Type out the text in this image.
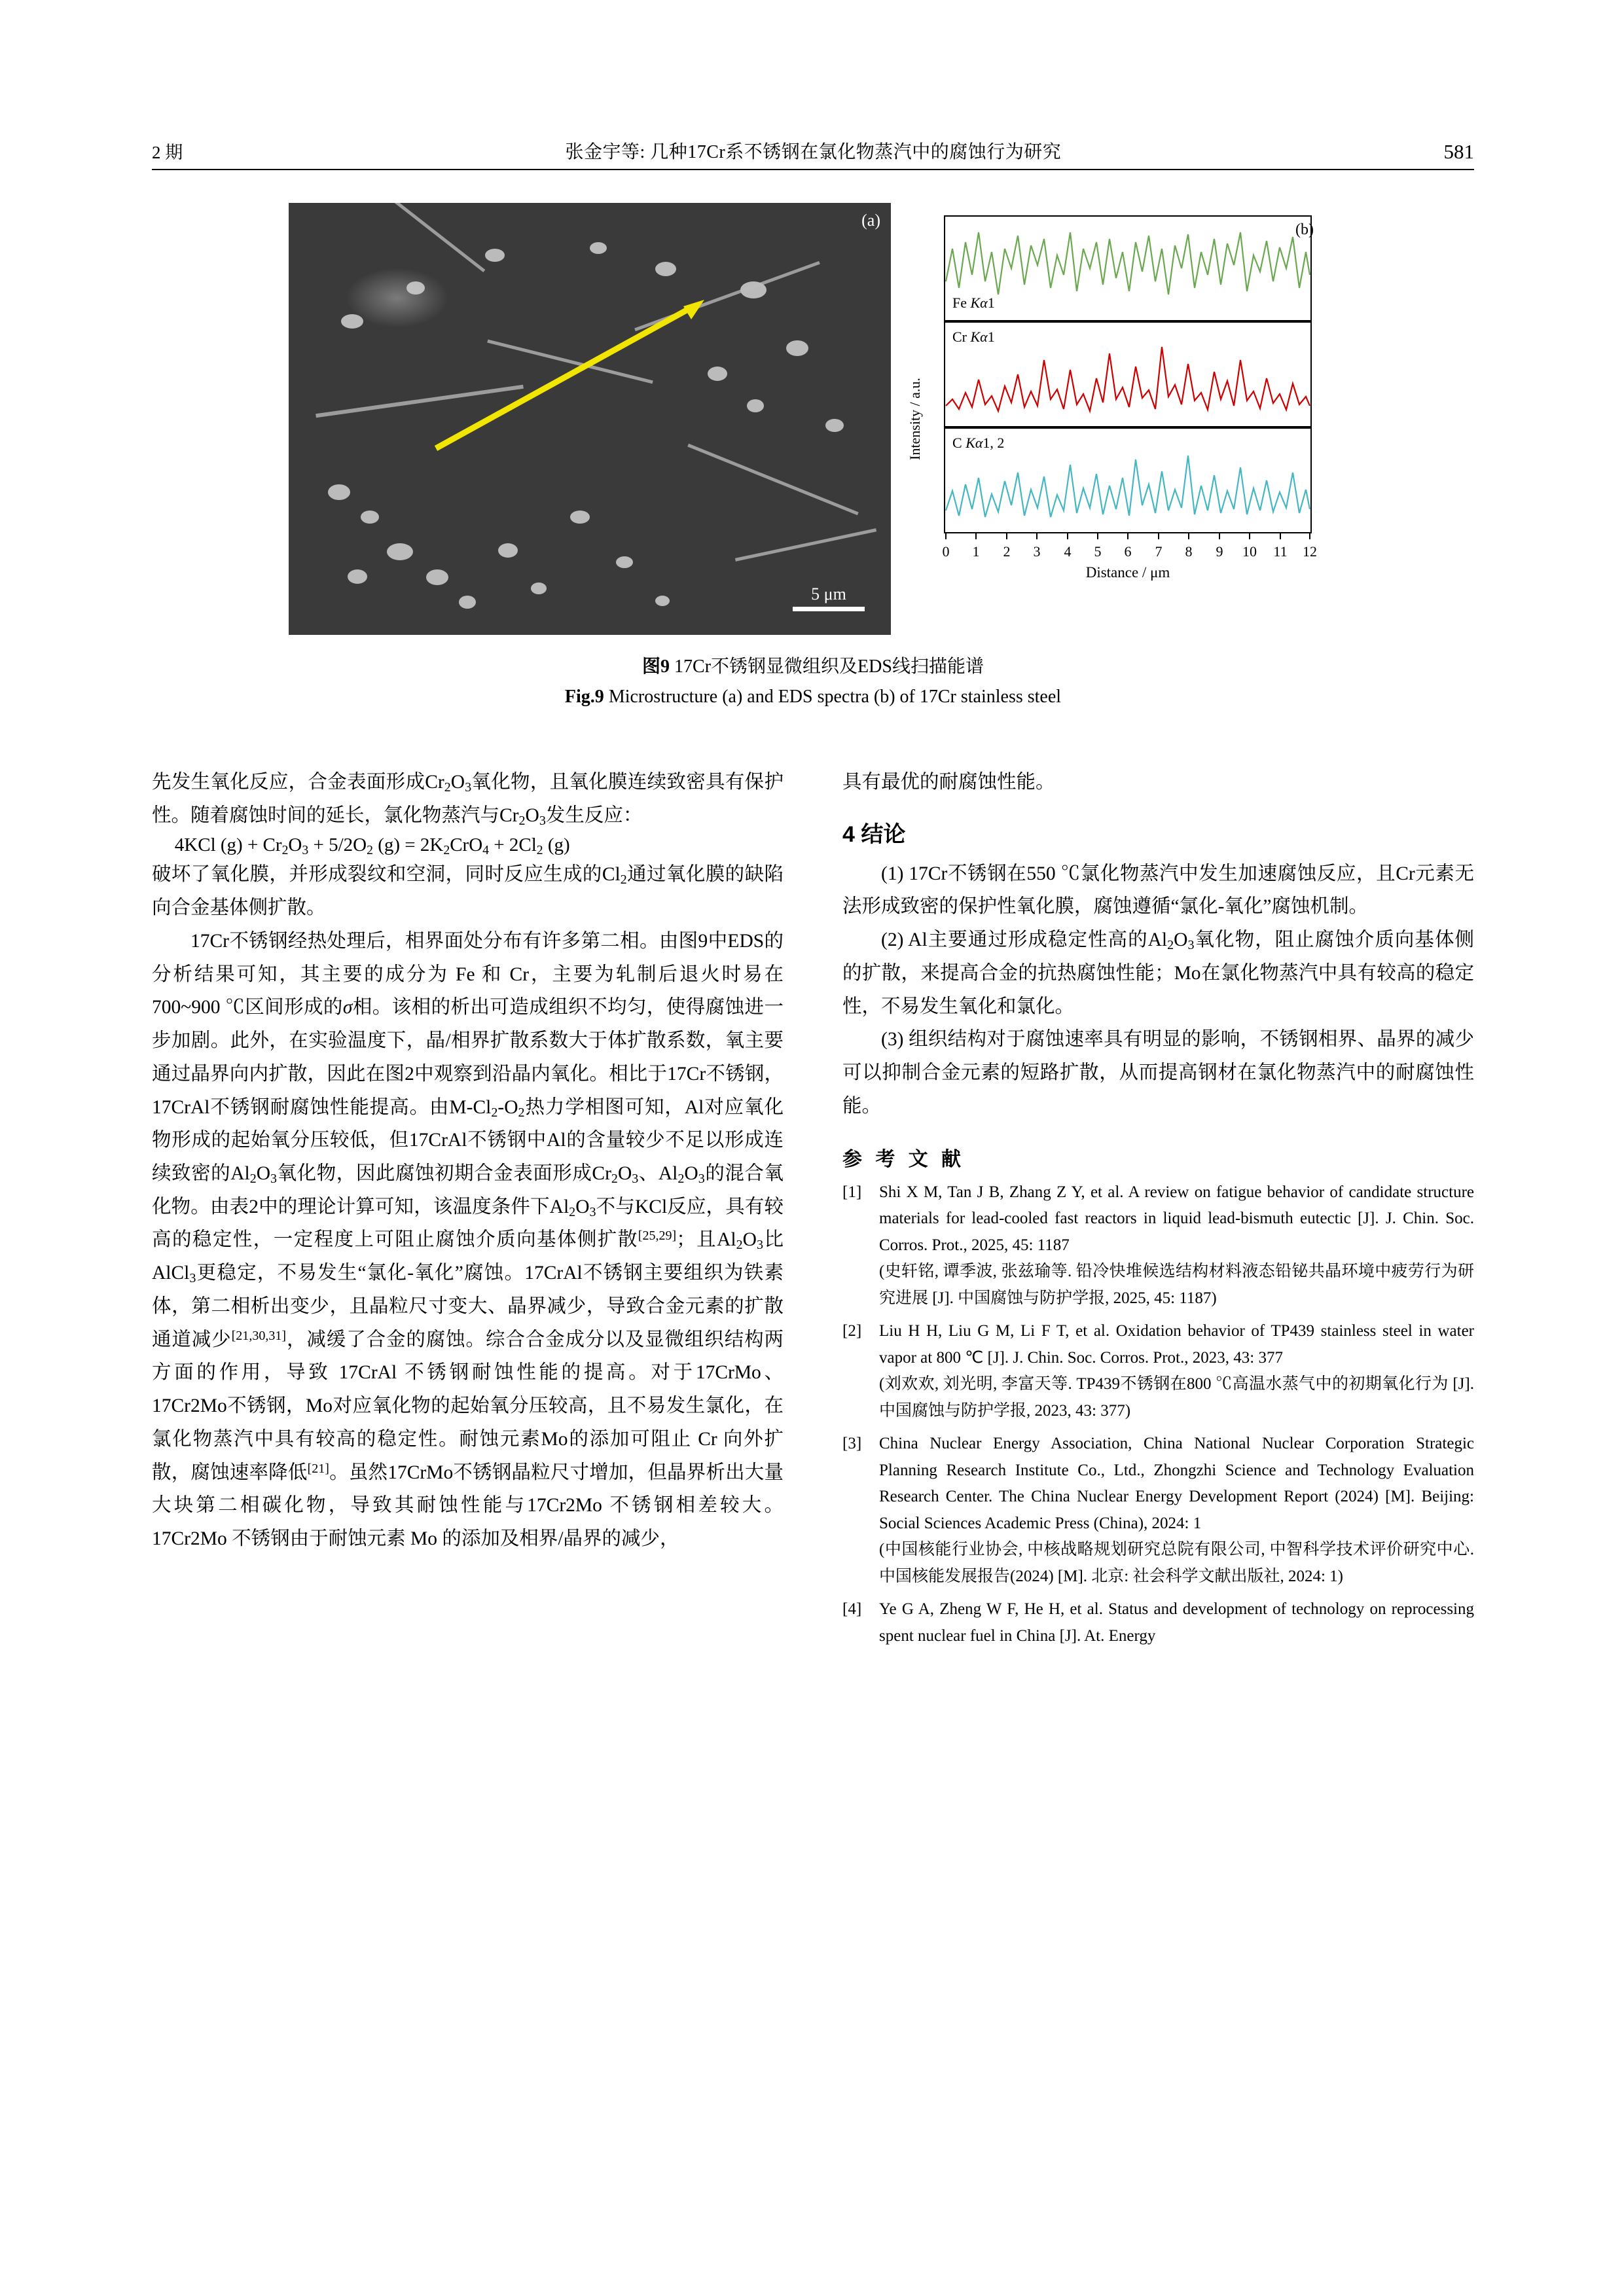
2 期	张金宇等: 几种17Cr系不锈钢在氯化物蒸汽中的腐蚀行为研究	581
(a)
5 μm
Intensity / a.u.
Fe Kα1
Cr Kα1
C Kα1, 2
0 1 2 3 4 5 6 7 8 9 10 11 12
Distance / μm
(b)
图9 17Cr不锈钢显微组织及EDS线扫描能谱
Fig.9 Microstructure (a) and EDS spectra (b) of 17Cr stainless steel

先发生氧化反应，合金表面形成$Cr_2O_3$氧化物，且氧化膜连续致密具有保护性。随着腐蚀时间的延长，氯化物蒸汽与$Cr_2O_3$发生反应：

4KCl $(g) + Cr_2O_3 + 5/2O_2$ $(g) = 2K_2CrO_4 + 2Cl_2$ (g)

破坏了氧化膜，并形成裂纹和空洞，同时反应生成的$Cl_2$通过氧化膜的缺陷向合金基体侧扩散。

17Cr不锈钢经热处理后，相界面处分布有许多第二相。由图9中EDS的分析结果可知，其主要的成分为 Fe 和 Cr，主要为轧制后退火时易在 700~900 ℃区间形成的σ相。该相的析出可造成组织不均匀，使得腐蚀进一步加剧。此外，在实验温度下，晶/相界扩散系数大于体扩散系数，氧主要通过晶界向内扩散，因此在图2中观察到沿晶内氧化。相比于17Cr不锈钢，17CrAl不锈钢耐腐蚀性能提高。由$M-Cl_2-O_2$热力学相图可知，Al对应氧化物形成的起始氧分压较低，但17CrAl不锈钢中Al的含量较少不足以形成连续致密的$Al_2O_3$氧化物，因此腐蚀初期合金表面形成$Cr_2O_3$、$Al_2O_3$的混合氧化物。由表2中的理论计算可知，该温度条件下$Al_2O_3$不与KCl反应，具有较高的稳定性，一定程度上可阻止腐蚀介质向基体侧扩散[25,29]；且$Al_2O_3$比AlCl$_3$更稳定，不易发生“氯化-氧化”腐蚀。17CrAl不锈钢主要组织为铁素体，第二相析出变少，且晶粒尺寸变大、晶界减少，导致合金元素的扩散通道减少[21,30,31]，减缓了合金的腐蚀。综合合金成分以及显微组织结构两方面的作用，导致 17CrAl 不锈钢耐蚀性能的提高。对于17CrMo、17Cr2Mo不锈钢，Mo对应氧化物的起始氧分压较高，且不易发生氯化，在氯化物蒸汽中具有较高的稳定性。耐蚀元素Mo的添加可阻止 Cr 向外扩散，腐蚀速率降低[21]。虽然17CrMo不锈钢晶粒尺寸增加，但晶界析出大量大块第二相碳化物，导致其耐蚀性能与17Cr2Mo 不锈钢相差较大。17Cr2Mo 不锈钢由于耐蚀元素 Mo 的添加及相界/晶界的减少，

具有最优的耐腐蚀性能。

4 结论

(1) 17Cr不锈钢在550 ℃氯化物蒸汽中发生加速腐蚀反应，且Cr元素无法形成致密的保护性氧化膜，腐蚀遵循“氯化-氧化”腐蚀机制。

(2) Al主要通过形成稳定性高的$Al_2O_3$氧化物，阻止腐蚀介质向基体侧的扩散，来提高合金的抗热腐蚀性能；Mo在氯化物蒸汽中具有较高的稳定性，不易发生氧化和氯化。

(3) 组织结构对于腐蚀速率具有明显的影响，不锈钢相界、晶界的减少可以抑制合金元素的短路扩散，从而提高钢材在氯化物蒸汽中的耐腐蚀性能。

参 考 文 献
[1]	Shi X M, Tan J B, Zhang Z Y, et al. A review on fatigue behavior of candidate structure materials for lead-cooled fast reactors in liquid lead-bismuth eutectic [J]. J. Chin. Soc. Corros. Prot., 2025, 45: 1187
(史轩铭, 谭季波, 张兹瑜等. 铅冷快堆候选结构材料液态铅铋共晶环境中疲劳行为研究进展 [J]. 中国腐蚀与防护学报, 2025, 45: 1187)
[2]	Liu H H, Liu G M, Li F T, et al. Oxidation behavior of TP439 stainless steel in water vapor at 800 ℃ [J]. J. Chin. Soc. Corros. Prot., 2023, 43: 377
(刘欢欢, 刘光明, 李富天等. TP439不锈钢在800 ℃高温水蒸气中的初期氧化行为 [J]. 中国腐蚀与防护学报, 2023, 43: 377)
[3]	China Nuclear Energy Association, China National Nuclear Corporation Strategic Planning Research Institute Co., Ltd., Zhongzhi Science and Technology Evaluation Research Center. The China Nuclear Energy Development Report (2024) [M]. Beijing: Social Sciences Academic Press (China), 2024: 1
(中国核能行业协会, 中核战略规划研究总院有限公司, 中智科学技术评价研究中心. 中国核能发展报告(2024) [M]. 北京: 社会科学文献出版社, 2024: 1)
[4]	Ye G A, Zheng W F, He H, et al. Status and development of technology on reprocessing spent nuclear fuel in China [J]. At. Energy
